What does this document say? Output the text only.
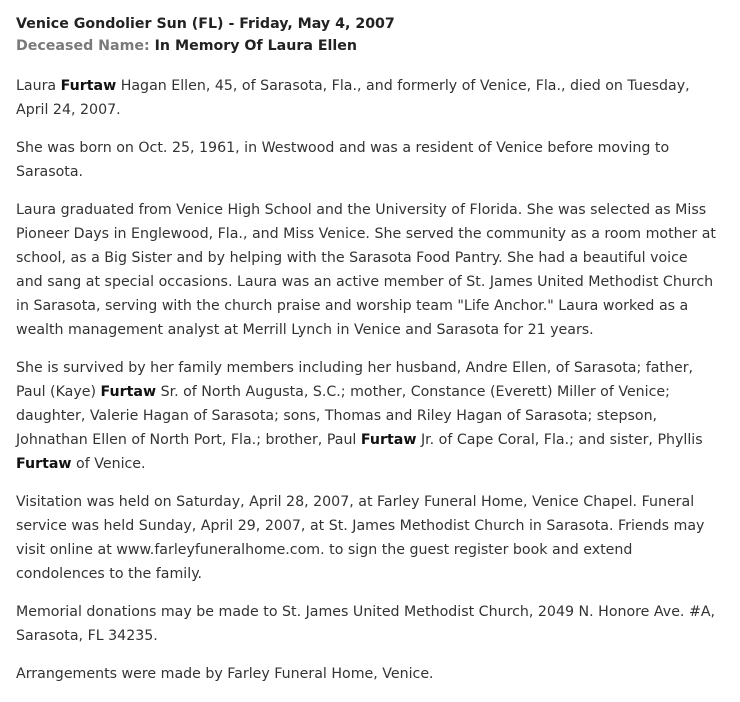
Venice Gondolier Sun (FL) - Friday, May 4, 2007
Deceased Name: In Memory Of Laura Ellen

Laura Furtaw Hagan Ellen, 45, of Sarasota, Fla., and formerly of Venice, Fla., died on Tuesday, April 24, 2007.

She was born on Oct. 25, 1961, in Westwood and was a resident of Venice before moving to Sarasota.

Laura graduated from Venice High School and the University of Florida. She was selected as Miss Pioneer Days in Englewood, Fla., and Miss Venice. She served the community as a room mother at school, as a Big Sister and by helping with the Sarasota Food Pantry. She had a beautiful voice and sang at special occasions. Laura was an active member of St. James United Methodist Church in Sarasota, serving with the church praise and worship team "Life Anchor." Laura worked as a wealth management analyst at Merrill Lynch in Venice and Sarasota for 21 years.

She is survived by her family members including her husband, Andre Ellen, of Sarasota; father, Paul (Kaye) Furtaw Sr. of North Augusta, S.C.; mother, Constance (Everett) Miller of Venice; daughter, Valerie Hagan of Sarasota; sons, Thomas and Riley Hagan of Sarasota; stepson, Johnathan Ellen of North Port, Fla.; brother, Paul Furtaw Jr. of Cape Coral, Fla.; and sister, Phyllis Furtaw of Venice.

Visitation was held on Saturday, April 28, 2007, at Farley Funeral Home, Venice Chapel. Funeral service was held Sunday, April 29, 2007, at St. James Methodist Church in Sarasota. Friends may visit online at www.farleyfuneralhome.com. to sign the guest register book and extend condolences to the family.

Memorial donations may be made to St. James United Methodist Church, 2049 N. Honore Ave. #A, Sarasota, FL 34235.

Arrangements were made by Farley Funeral Home, Venice.
